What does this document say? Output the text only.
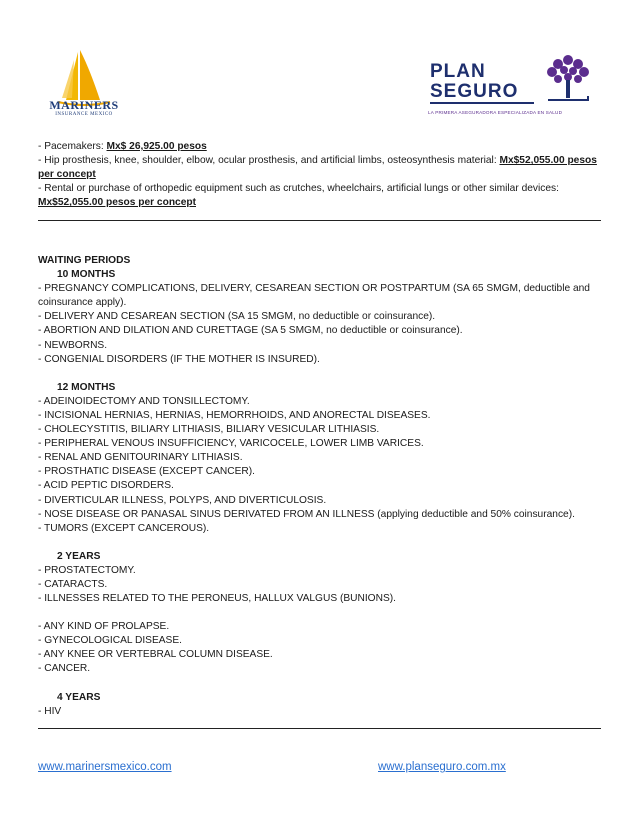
MARINERS
INSURANCE MEXICO
PLAN
SEGURO
LA PRIMERA ASEGURADORA ESPECIALIZADA EN SALUD
- Pacemakers: Mx$ 26,925.00 pesos
- Hip prosthesis, knee, shoulder, elbow, ocular prosthesis, and artificial limbs, osteosynthesis material: Mx$52,055.00 pesos per concept
- Rental or purchase of orthopedic equipment such as crutches, wheelchairs, artificial lungs or other similar devices: Mx$52,055.00 pesos per concept
WAITING PERIODS
10 MONTHS
- PREGNANCY COMPLICATIONS, DELIVERY, CESAREAN SECTION OR POSTPARTUM (SA 65 SMGM, deductible and coinsurance apply).
- DELIVERY AND CESAREAN SECTION (SA 15 SMGM, no deductible or coinsurance).
- ABORTION AND DILATION AND CURETTAGE (SA 5 SMGM, no deductible or coinsurance).
- NEWBORNS.
- CONGENIAL DISORDERS (IF THE MOTHER IS INSURED).
12 MONTHS
- ADEINOIDECTOMY AND TONSILLECTOMY.
- INCISIONAL HERNIAS, HERNIAS, HEMORRHOIDS, AND ANORECTAL DISEASES.
- CHOLECYSTITIS, BILIARY LITHIASIS, BILIARY VESICULAR LITHIASIS.
- PERIPHERAL VENOUS INSUFFICIENCY, VARICOCELE, LOWER LIMB VARICES.
- RENAL AND GENITOURINARY LITHIASIS.
- PROSTHATIC DISEASE (EXCEPT CANCER).
- ACID PEPTIC DISORDERS.
- DIVERTICULAR ILLNESS, POLYPS, AND DIVERTICULOSIS.
- NOSE DISEASE OR PANASAL SINUS DERIVATED FROM AN ILLNESS (applying deductible and 50% coinsurance).
- TUMORS (EXCEPT CANCEROUS).
2 YEARS
- PROSTATECTOMY.
- CATARACTS.
- ILLNESSES RELATED TO THE PERONEUS, HALLUX VALGUS (BUNIONS).
- ANY KIND OF PROLAPSE.
- GYNECOLOGICAL DISEASE.
- ANY KNEE OR VERTEBRAL COLUMN DISEASE.
- CANCER.
4 YEARS
- HIV
www.marinersmexico.com	www.planseguro.com.mx
